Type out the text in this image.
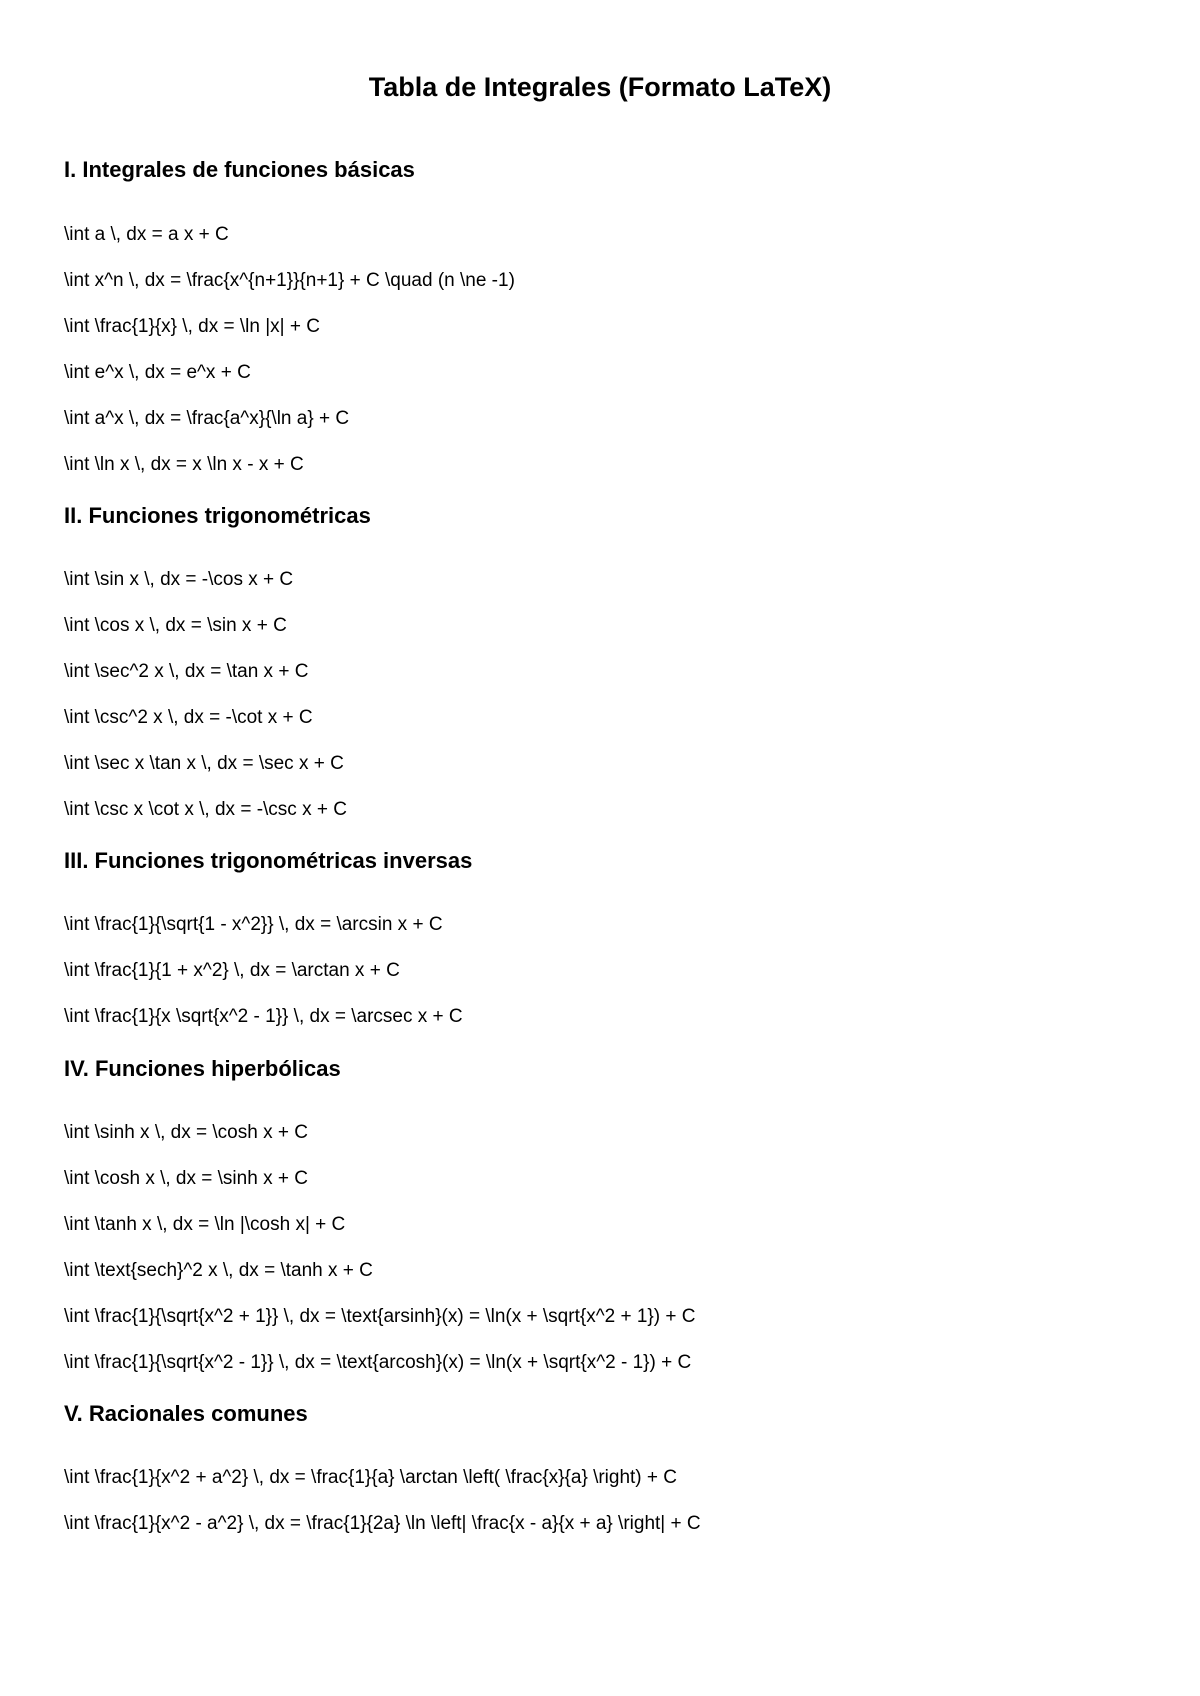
Tabla de Integrales (Formato LaTeX)
I. Integrales de funciones básicas

\int a \, dx = a x + C

\int x^n \, dx = \frac{x^{n+1}}{n+1} + C \quad (n \ne -1)

\int \frac{1}{x} \, dx = \ln |x| + C

\int e^x \, dx = e^x + C

\int a^x \, dx = \frac{a^x}{\ln a} + C

\int \ln x \, dx = x \ln x - x + C

II. Funciones trigonométricas

\int \sin x \, dx = -\cos x + C

\int \cos x \, dx = \sin x + C

\int \sec^2 x \, dx = \tan x + C

\int \csc^2 x \, dx = -\cot x + C

\int \sec x \tan x \, dx = \sec x + C

\int \csc x \cot x \, dx = -\csc x + C

III. Funciones trigonométricas inversas

\int \frac{1}{\sqrt{1 - x^2}} \, dx = \arcsin x + C

\int \frac{1}{1 + x^2} \, dx = \arctan x + C

\int \frac{1}{x \sqrt{x^2 - 1}} \, dx = \arcsec x + C

IV. Funciones hiperbólicas

\int \sinh x \, dx = \cosh x + C

\int \cosh x \, dx = \sinh x + C

\int \tanh x \, dx = \ln |\cosh x| + C

\int \text{sech}^2 x \, dx = \tanh x + C

\int \frac{1}{\sqrt{x^2 + 1}} \, dx = \text{arsinh}(x) = \ln(x + \sqrt{x^2 + 1}) + C

\int \frac{1}{\sqrt{x^2 - 1}} \, dx = \text{arcosh}(x) = \ln(x + \sqrt{x^2 - 1}) + C

V. Racionales comunes

\int \frac{1}{x^2 + a^2} \, dx = \frac{1}{a} \arctan \left( \frac{x}{a} \right) + C

\int \frac{1}{x^2 - a^2} \, dx = \frac{1}{2a} \ln \left| \frac{x - a}{x + a} \right| + C
